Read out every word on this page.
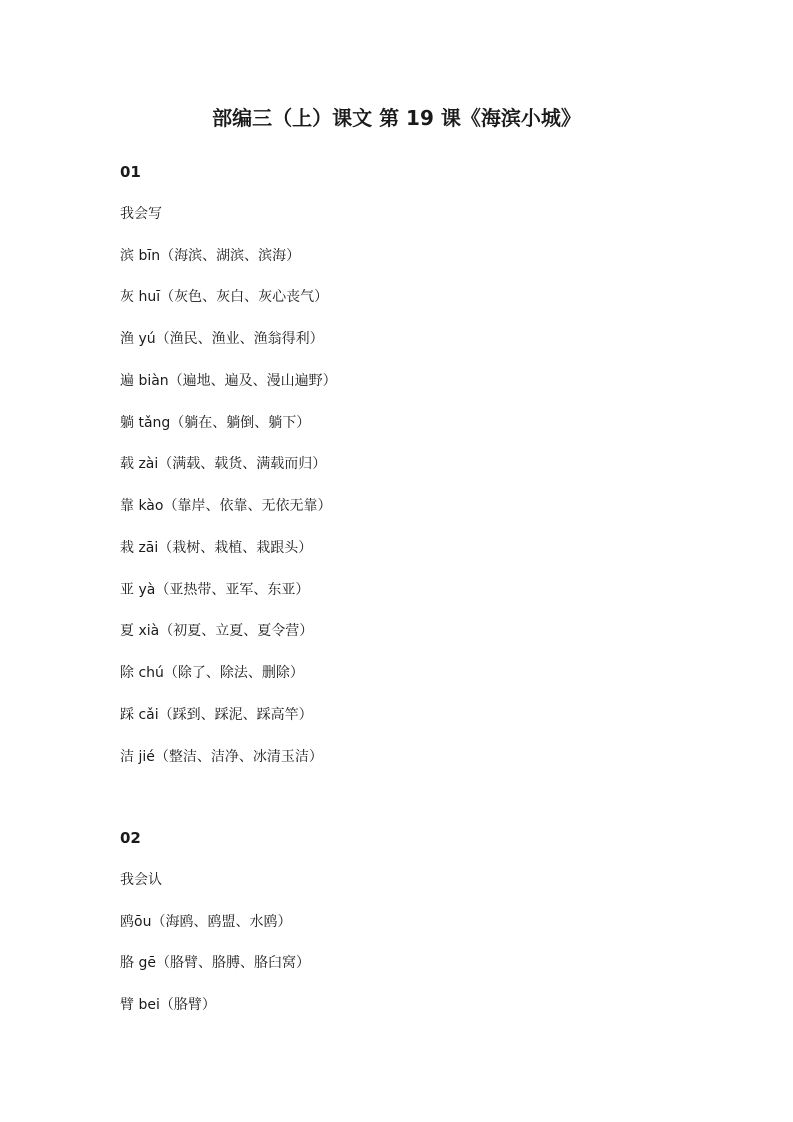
部编三（上）课文 第 19 课《海滨小城》
01
我会写
滨 bīn（海滨、湖滨、滨海）
灰 huī（灰色、灰白、灰心丧气）
渔 yú（渔民、渔业、渔翁得利）
遍 biàn（遍地、遍及、漫山遍野）
躺 tǎng（躺在、躺倒、躺下）
载 zài（满载、载货、满载而归）
靠 kào（靠岸、依靠、无依无靠）
栽 zāi（栽树、栽植、栽跟头）
亚 yà（亚热带、亚军、东亚）
夏 xià（初夏、立夏、夏令营）
除 chú（除了、除法、删除）
踩 cǎi（踩到、踩泥、踩高竿）
洁 jié（整洁、洁净、冰清玉洁）
02
我会认
鸥ōu（海鸥、鸥盟、水鸥）
胳 gē（胳臂、胳膊、胳臼窝）
臂 bei（胳臂）
